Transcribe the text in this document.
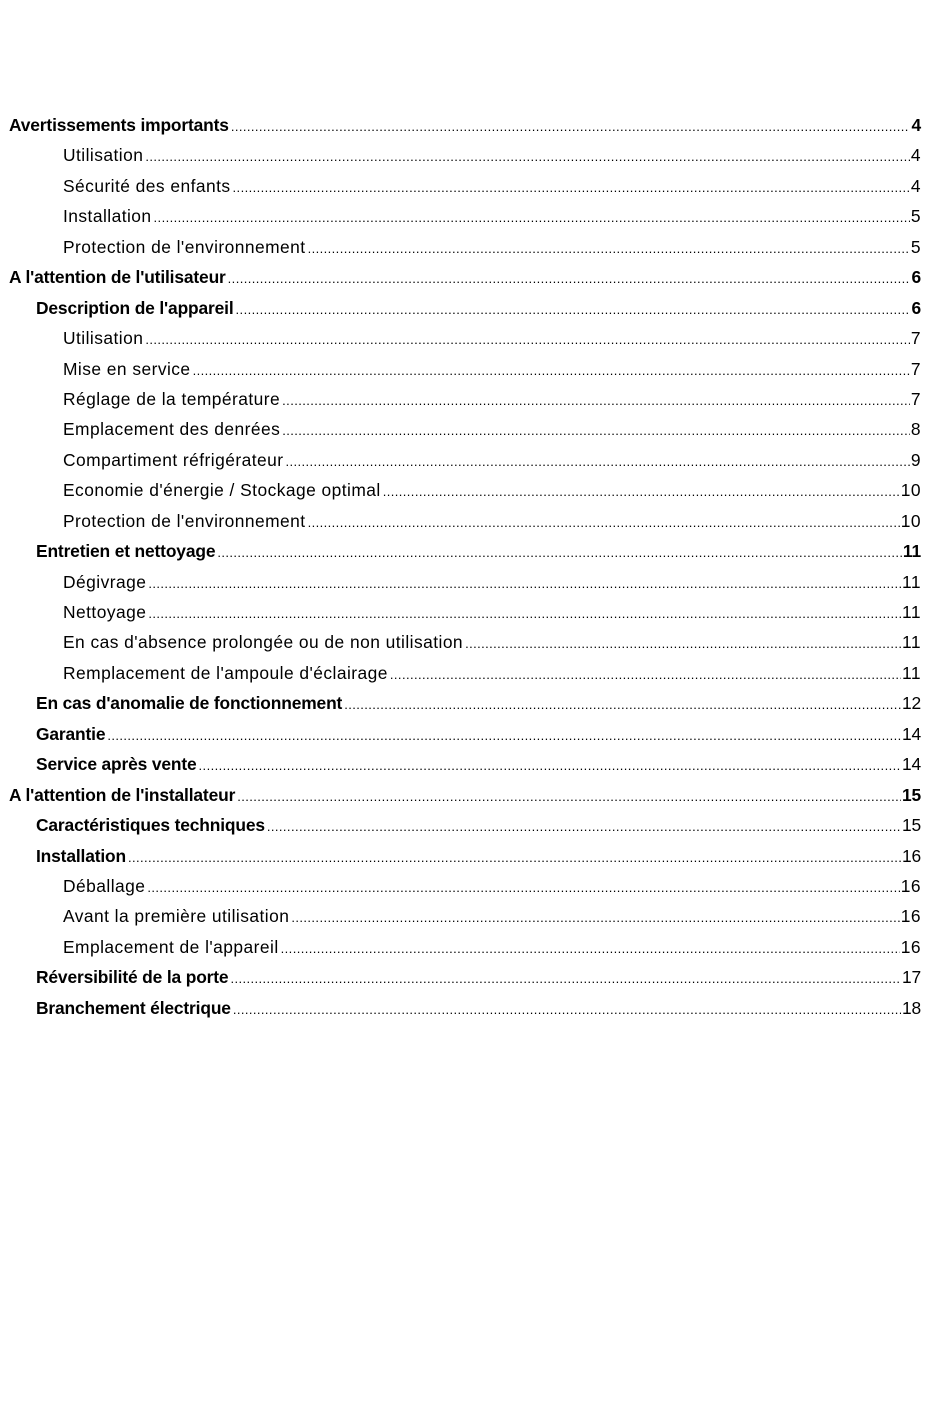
Avertissements importants .....	4
Utilisation .....	4
Sécurité des enfants .....	4
Installation .....	5
Protection de l'environnement .....	5
A l'attention de l'utilisateur .....	6
Description de l'appareil .....	6
Utilisation .....	7
Mise en service .....	7
Réglage de la température .....	7
Emplacement des denrées .....	8
Compartiment réfrigérateur .....	9
Economie d'énergie / Stockage optimal .....	10
Protection de l'environnement .....	10
Entretien et nettoyage .....	11
Dégivrage .....	11
Nettoyage .....	11
En cas d'absence prolongée ou de non utilisation .....	11
Remplacement de l'ampoule d'éclairage .....	11
En cas d'anomalie de fonctionnement .....	12
Garantie .....	14
Service après vente .....	14
A l'attention de l'installateur .....	15
Caractéristiques techniques .....	15
Installation .....	16
Déballage .....	16
Avant la première utilisation .....	16
Emplacement de l'appareil .....	16
Réversibilité de la porte .....	17
Branchement électrique .....	18
